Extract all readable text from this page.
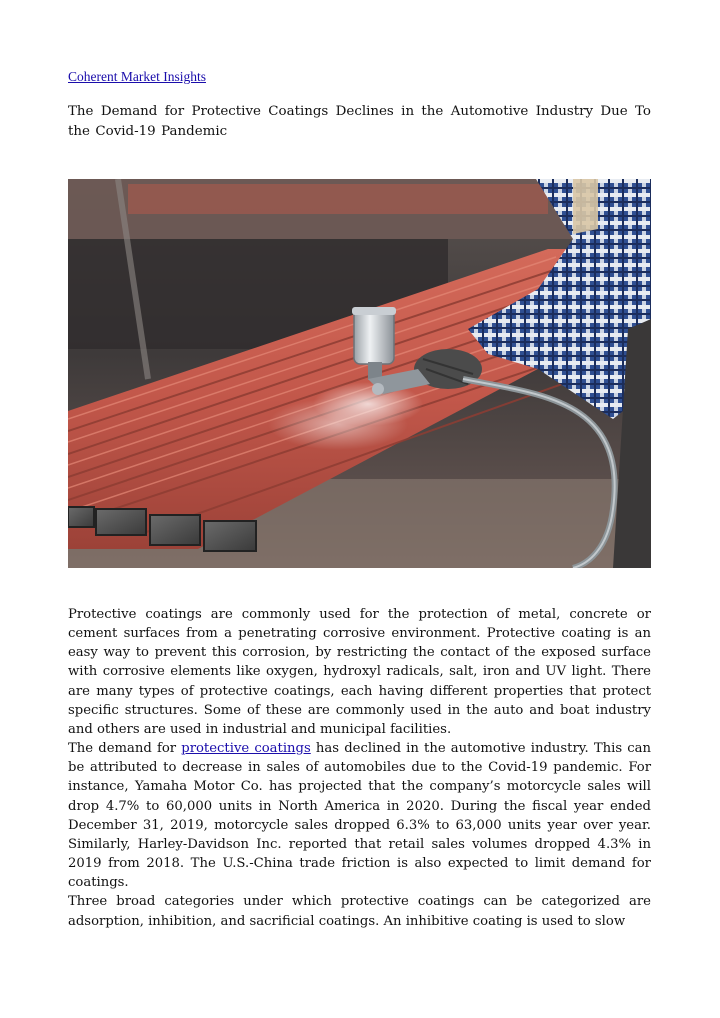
Coherent Market Insights
The Demand for Protective Coatings Declines in the Automotive Industry Due To the Covid-19 Pandemic

Protective coatings are commonly used for the protection of metal, concrete or cement surfaces from a penetrating corrosive environment. Protective coating is an easy way to prevent this corrosion, by restricting the contact of the exposed surface with corrosive elements like oxygen, hydroxyl radicals, salt, iron and UV light. There are many types of protective coatings, each having different properties that protect specific structures. Some of these are commonly used in the auto and boat industry and others are used in industrial and municipal facilities.

The demand for protective coatings has declined in the automotive industry. This can be attributed to decrease in sales of automobiles due to the Covid-19 pandemic. For instance, Yamaha Motor Co. has projected that the company’s motorcycle sales will drop 4.7% to 60,000 units in North America in 2020. During the fiscal year ended December 31, 2019, motorcycle sales dropped 6.3% to 63,000 units year over year. Similarly, Harley-Davidson Inc. reported that retail sales volumes dropped 4.3% in 2019 from 2018. The U.S.-China trade friction is also expected to limit demand for coatings.

Three broad categories under which protective coatings can be categorized are adsorption, inhibition, and sacrificial coatings. An inhibitive coating is used to slow
